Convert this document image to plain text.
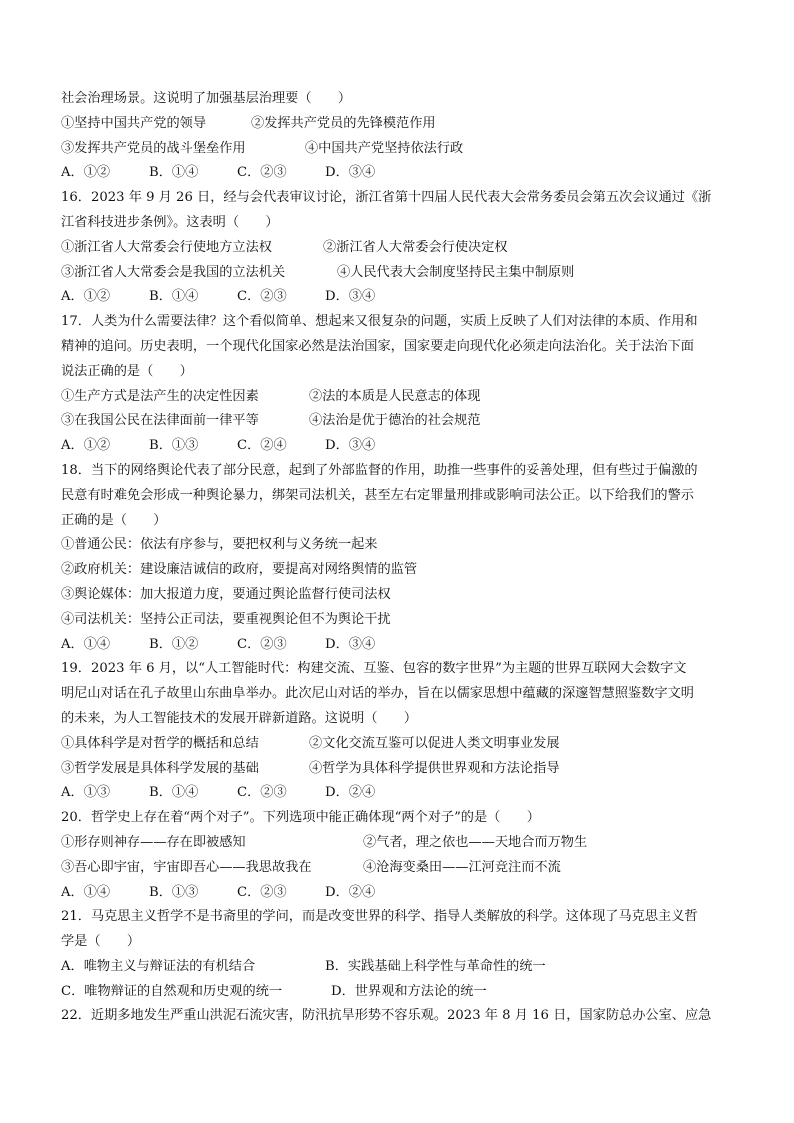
社会治理场景。这说明了加强基层治理要（　　）
①坚持中国共产党的领导	②发挥共产党员的先锋模范作用
③发挥共产党员的战斗堡垒作用	④中国共产党坚持依法行政
A．①②	B．①④	C．②③	D．③④
16．2023 年 9 月 26 日，经与会代表审议讨论，浙江省第十四届人民代表大会常务委员会第五次会议通过《浙
江省科技进步条例》。这表明（　　）
①浙江省人大常委会行使地方立法权	②浙江省人大常委会行使决定权
③浙江省人大常委会是我国的立法机关	④人民代表大会制度坚持民主集中制原则
A．①②	B．①④	C．②③	D．③④
17．人类为什么需要法律？这个看似简单、想起来又很复杂的问题，实质上反映了人们对法律的本质、作用和
精神的追问。历史表明，一个现代化国家必然是法治国家，国家要走向现代化必须走向法治化。关于法治下面
说法正确的是（　　）
①生产方式是法产生的决定性因素	②法的本质是人民意志的体现
③在我国公民在法律面前一律平等	④法治是优于德治的社会规范
A．①②	B．①③	C．②④	D．③④
18．当下的网络舆论代表了部分民意，起到了外部监督的作用，助推一些事件的妥善处理，但有些过于偏激的
民意有时难免会形成一种舆论暴力，绑架司法机关，甚至左右定罪量刑排或影响司法公正。以下给我们的警示
正确的是（　　）
①普通公民：依法有序参与，要把权利与义务统一起来
②政府机关：建设廉洁诚信的政府，要提高对网络舆情的监管
③舆论媒体：加大报道力度，要通过舆论监督行使司法权
④司法机关：坚持公正司法，要重视舆论但不为舆论干扰
A．①④	B．①②	C．②③	D．③④
19．2023 年 6 月，以“人工智能时代：构建交流、互鉴、包容的数字世界”为主题的世界互联网大会数字文
明尼山对话在孔子故里山东曲阜举办。此次尼山对话的举办，旨在以儒家思想中蕴藏的深邃智慧照鉴数字文明
的未来，为人工智能技术的发展开辟新道路。这说明（　　）
①具体科学是对哲学的概括和总结	②文化交流互鉴可以促进人类文明事业发展
③哲学发展是具体科学发展的基础	④哲学为具体科学提供世界观和方法论指导
A．①③	B．①④	C．②③	D．②④
20．哲学史上存在着“两个对子”。下列选项中能正确体现“两个对子”的是（　　）
①形存则神存——存在即被感知	②气者，理之依也——天地合而万物生
③吾心即宇宙，宇宙即吾心——我思故我在	④沧海变桑田——江河竞注而不流
A．①④	B．①③	C．②③	D．②④
21．马克思主义哲学不是书斋里的学问，而是改变世界的科学、指导人类解放的科学。这体现了马克思主义哲
学是（　　）
A．唯物主义与辩证法的有机结合	B．实践基础上科学性与革命性的统一
C．唯物辩证的自然观和历史观的统一	D．世界观和方法论的统一
22．近期多地发生严重山洪泥石流灾害，防汛抗旱形势不容乐观。2023 年 8 月 16 日，国家防总办公室、应急
